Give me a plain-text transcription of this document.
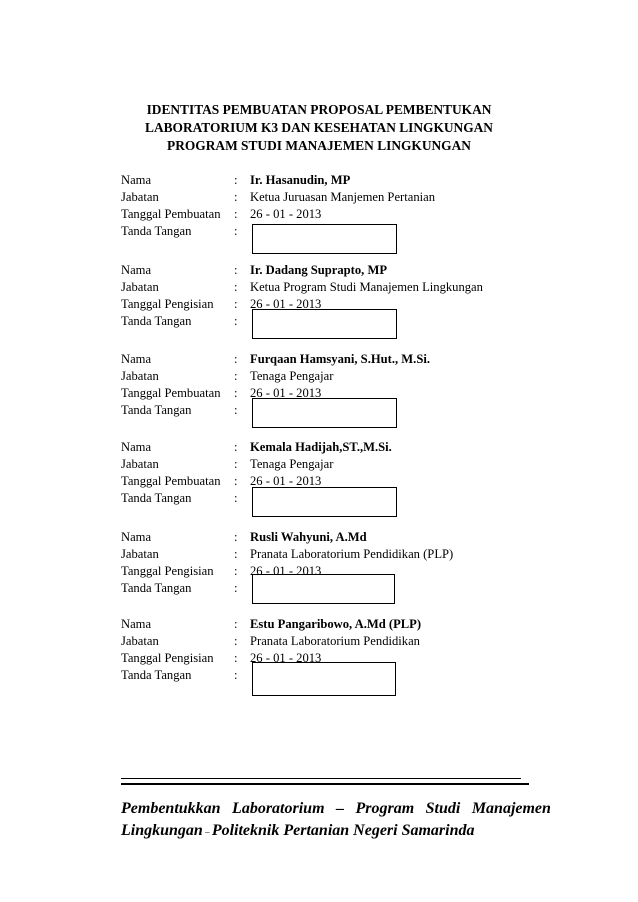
IDENTITAS PEMBUATAN PROPOSAL PEMBENTUKAN
LABORATORIUM K3 DAN KESEHATAN LINGKUNGAN
PROGRAM STUDI MANAJEMEN LINGKUNGAN
Nama	: Ir. Hasanudin, MP
Jabatan	: Ketua Juruasan Manjemen Pertanian
Tanggal Pembuatan : 26 - 01 - 2013
Tanda Tangan	:
Nama	: Ir. Dadang Suprapto, MP
Jabatan	: Ketua Program Studi Manajemen Lingkungan
Tanggal Pengisian : 26 - 01 - 2013
Tanda Tangan	:
Nama	: Furqaan Hamsyani, S.Hut., M.Si.
Jabatan	: Tenaga Pengajar
Tanggal Pembuatan : 26 - 01 - 2013
Tanda Tangan	:
Nama	: Kemala Hadijah,ST.,M.Si.
Jabatan	: Tenaga Pengajar
Tanggal Pembuatan : 26 - 01 - 2013
Tanda Tangan	:
Nama	: Rusli Wahyuni, A.Md
Jabatan	: Pranata Laboratorium Pendidikan (PLP)
Tanggal Pengisian : 26 - 01 - 2013
Tanda Tangan	:
Nama	: Estu Pangaribowo, A.Md (PLP)
Jabatan	: Pranata Laboratorium Pendidikan
Tanggal Pengisian : 26 - 01 - 2013
Tanda Tangan	:
Pembentukkan Laboratorium – Program Studi Manajemen
Lingkungan – Politeknik Pertanian Negeri Samarinda
